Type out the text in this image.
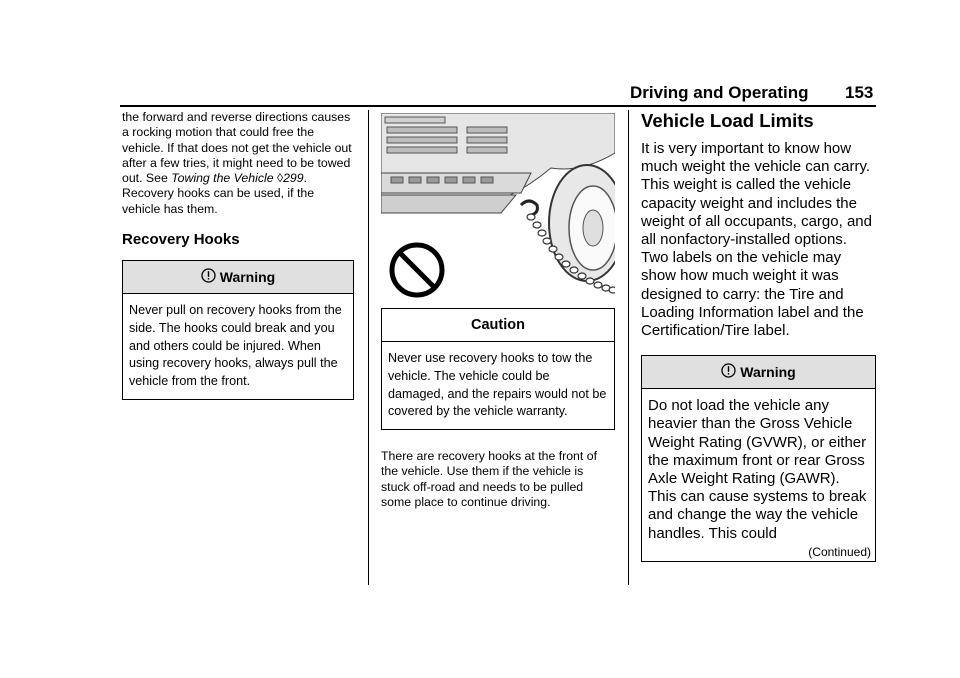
Driving and Operating 153

the forward and reverse directions causes a rocking motion that could free the vehicle. If that does not get the vehicle out after a few tries, it might need to be towed out. See Towing the Vehicle ◊299. Recovery hooks can be used, if the vehicle has them.

Recovery Hooks
Warning

Never pull on recovery hooks from the side. The hooks could break and you and others could be injured. When using recovery hooks, always pull the vehicle from the front.

Caution

Never use recovery hooks to tow the vehicle. The vehicle could be damaged, and the repairs would not be covered by the vehicle warranty.

There are recovery hooks at the front of the vehicle. Use them if the vehicle is stuck off-road and needs to be pulled some place to continue driving.

Vehicle Load Limits

It is very important to know how much weight the vehicle can carry. This weight is called the vehicle capacity weight and includes the weight of all occupants, cargo, and all nonfactory-installed options. Two labels on the vehicle may show how much weight it was designed to carry: the Tire and Loading Information label and the Certification/Tire label.

Warning

Do not load the vehicle any heavier than the Gross Vehicle Weight Rating (GVWR), or either the maximum front or rear Gross Axle Weight Rating (GAWR). This can cause systems to break and change the way the vehicle handles. This could

(Continued)
